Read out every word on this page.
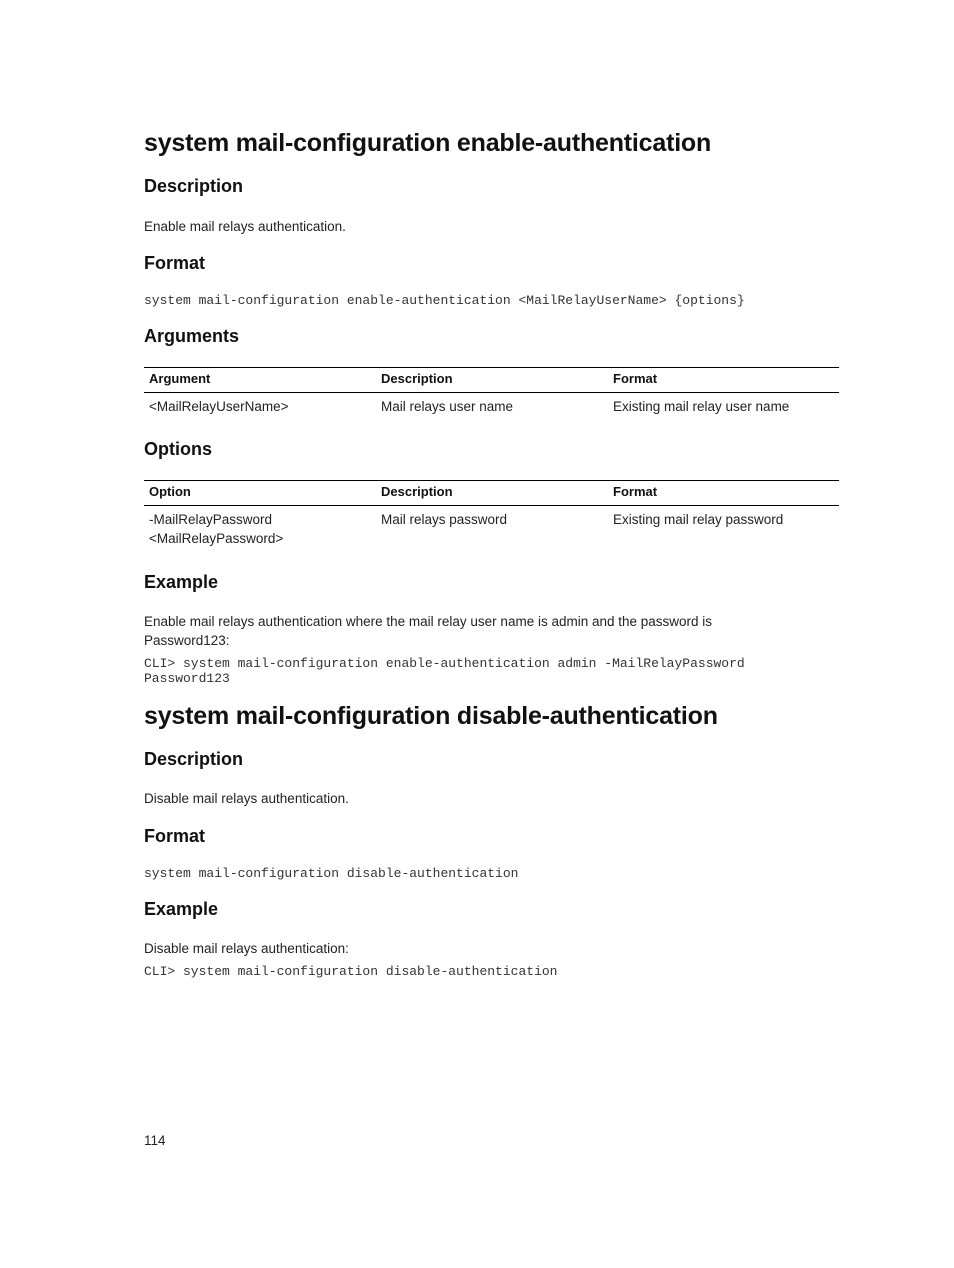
system mail-configuration enable-authentication
Description

Enable mail relays authentication.

Format
system mail-configuration enable-authentication <MailRelayUserName> {options}
Arguments
Argument	Description	Format
<MailRelayUserName>	Mail relays user name	Existing mail relay user name
Options
Option	Description	Format
-MailRelayPassword
<MailRelayPassword>	Mail relays password	Existing mail relay password
Example

Enable mail relays authentication where the mail relay user name is admin and the password is Password123:

CLI> system mail-configuration enable-authentication admin -MailRelayPassword
Password123
system mail-configuration disable-authentication
Description

Disable mail relays authentication.

Format
system mail-configuration disable-authentication
Example

Disable mail relays authentication:

CLI> system mail-configuration disable-authentication
114
